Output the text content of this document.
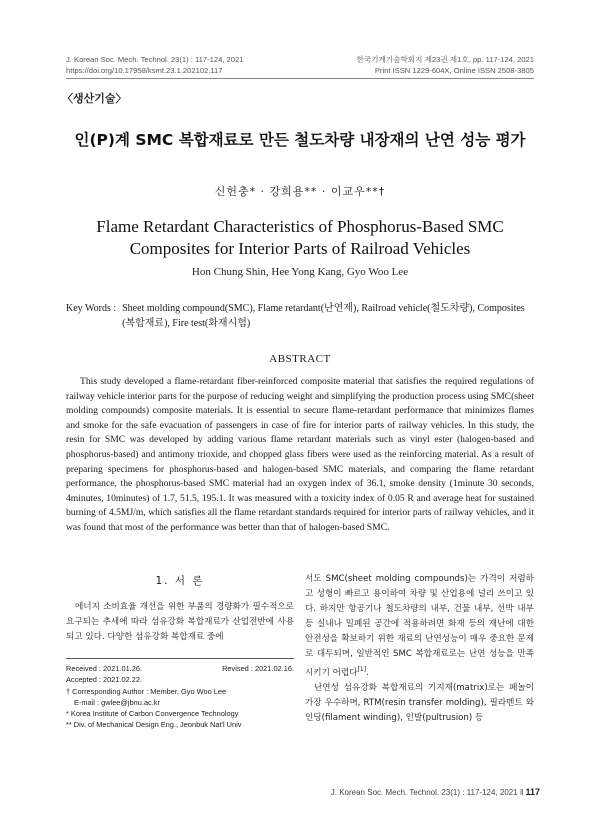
J. Korean Soc. Mech. Technol. 23(1) : 117-124, 2021
https://doi.org/10.17958/ksmt.23.1.202102.117
한국기계기술학회지 제23권 제1호, pp. 117-124, 2021
Print ISSN 1229-604X, Online ISSN 2508-3805
〈생산기술〉
인(P)계 SMC 복합재료로 만든 철도차량 내장재의 난연 성능 평가
신헌충* · 강희용** · 이교우**†
Flame Retardant Characteristics of Phosphorus-Based SMC Composites for Interior Parts of Railroad Vehicles
Hon Chung Shin, Hee Yong Kang, Gyo Woo Lee
Key Words : Sheet molding compound(SMC), Flame retardant(난연제), Railroad vehicle(철도차량), Composites (복합재료), Fire test(화재시험)
ABSTRACT

This study developed a flame-retardant fiber-reinforced composite material that satisfies the required regulations of railway vehicle interior parts for the purpose of reducing weight and simplifying the production process using SMC(sheet molding compounds) composite materials. It is essential to secure flame-retardant performance that minimizes flames and smoke for the safe evacuation of passengers in case of fire for interior parts of railway vehicles. In this study, the resin for SMC was developed by adding various flame retardant materials such as vinyl ester (halogen-based and phosphorus-based) and antimony trioxide, and chopped glass fibers were used as the reinforcing material. As a result of preparing specimens for phosphorus-based and halogen-based SMC materials, and comparing the flame retardant performance, the phosphorus-based SMC material had an oxygen index of 36.1, smoke density (1minute 30 seconds, 4minutes, 10minutes) of 1.7, 51.5, 195.1. It was measured with a toxicity index of 0.05 R and average heat for sustained burning of 4.5MJ/m, which satisfies all the flame retardant standards required for interior parts of railway vehicles, and it was found that most of the performance was better than that of halogen-based SMC.

1. 서 론

에너지 소비효율 개선을 위한 부품의 경량화가 필수적으로 요구되는 추세에 따라 섬유강화 복합재료가 산업전반에 사용되고 있다. 다양한 섬유강화 복합재료 중에

Received : 2021.01.26.	Revised : 2021.02.16.
Accepted : 2021.02.22.
† Corresponding Author : Member, Gyo Woo Lee
E-mail : gwlee@jbnu.ac.kr
* Korea Institute of Carbon Convergence Technology
** Div. of Mechanical Design Eng., Jeonbuk Nat'l Univ

서도 SMC(sheet molding compounds)는 가격이 저렴하고 성형이 빠르고 용이하여 차량 및 산업용에 널리 쓰이고 있다. 하지만 항공기나 철도차량의 내부, 건물 내부, 선박 내부 등 실내나 밀폐된 공간에 적용하려면 화재 등의 재난에 대한 안전성을 확보하기 위한 재료의 난연성능이 매우 중요한 문제로 대두되며, 일반적인 SMC 복합재료로는 난연 성능을 만족시키기 어렵다[1].

난연성 섬유강화 복합재료의 기지재(matrix)로는 페놀이 가장 우수하며, RTM(resin transfer molding), 필라멘트 와인딩(filament winding), 인발(pultrusion) 등

J. Korean Soc. Mech. Technol. 23(1) : 117-124, 2021 ‖ 117
